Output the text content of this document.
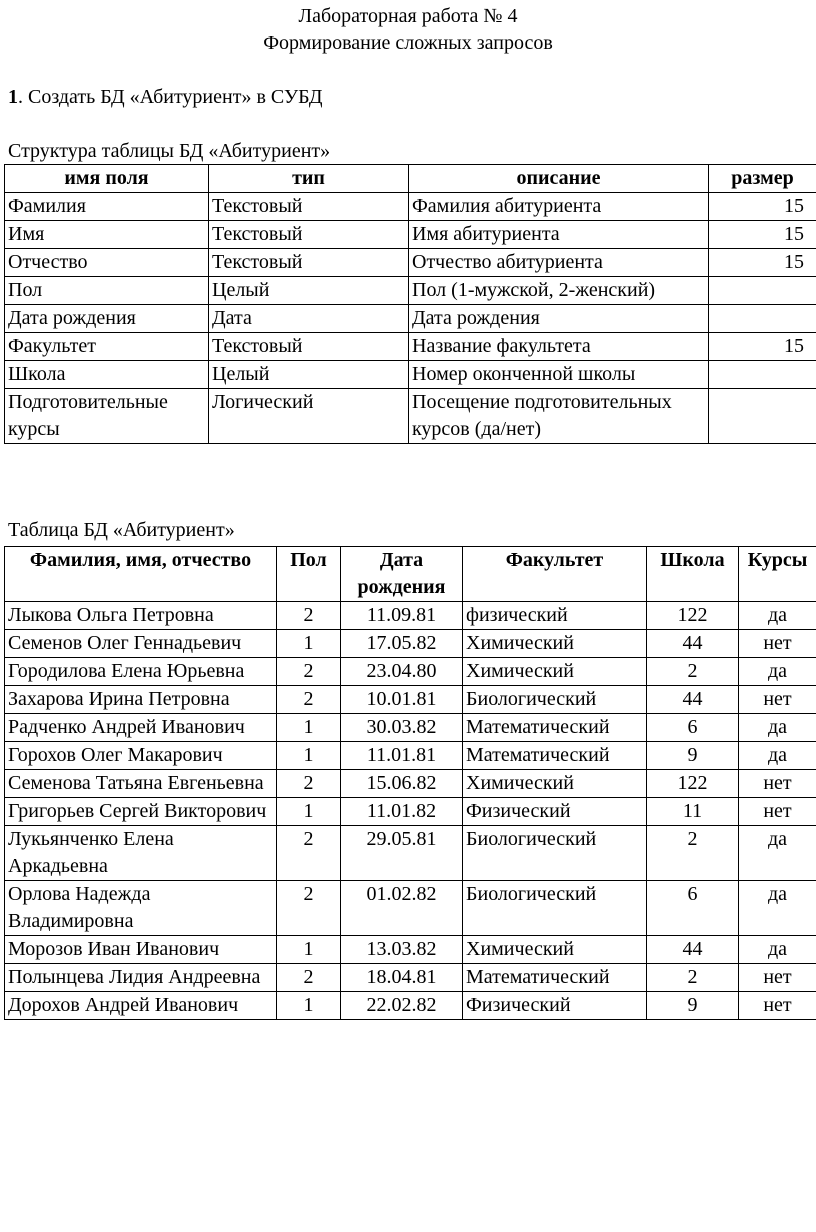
Лабораторная работа № 4
Формирование сложных запросов
1. Создать БД «Абитуриент» в СУБД
Структура таблицы БД «Абитуриент»
имя поля	тип	описание	размер
Фамилия	Текстовый	Фамилия абитуриента	15
Имя	Текстовый	Имя абитуриента	15
Отчество	Текстовый	Отчество абитуриента	15
Пол	Целый	Пол (1-мужской, 2-женский)	
Дата рождения	Дата	Дата рождения	
Факультет	Текстовый	Название факультета	15
Школа	Целый	Номер оконченной школы	
Подготовительные курсы	Логический	Посещение подготовительных курсов (да/нет)	
Таблица БД «Абитуриент»
Фамилия, имя, отчество	Пол	Дата рождения	Факультет	Школа	Курсы
Лыкова Ольга Петровна	2	11.09.81	физический	122	да
Семенов Олег Геннадьевич	1	17.05.82	Химический	44	нет
Городилова Елена Юрьевна	2	23.04.80	Химический	2	да
Захарова Ирина Петровна	2	10.01.81	Биологический	44	нет
Радченко Андрей Иванович	1	30.03.82	Математический	6	да
Горохов Олег Макарович	1	11.01.81	Математический	9	да
Семенова Татьяна Евгеньевна	2	15.06.82	Химический	122	нет
Григорьев Сергей Викторович	1	11.01.82	Физический	11	нет
Лукьянченко Елена Аркадьевна	2	29.05.81	Биологический	2	да
Орлова Надежда Владимировна	2	01.02.82	Биологический	6	да
Морозов Иван Иванович	1	13.03.82	Химический	44	да
Полынцева Лидия Андреевна	2	18.04.81	Математический	2	нет
Дорохов Андрей Иванович	1	22.02.82	Физический	9	нет
